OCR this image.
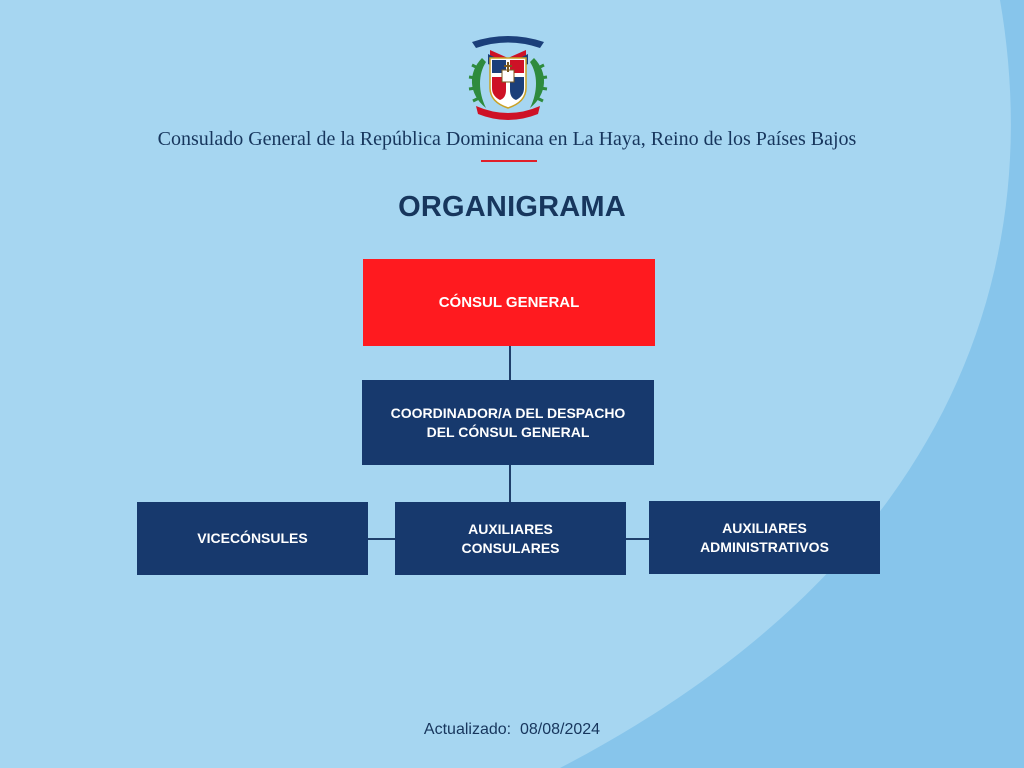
Consulado General de la República Dominicana en La Haya, Reino de los Países Bajos
ORGANIGRAMA
CÓNSUL GENERAL
COORDINADOR/A DEL DESPACHO
DEL CÓNSUL GENERAL
VICECÓNSULES
AUXILIARES
CONSULARES
AUXILIARES
ADMINISTRATIVOS
Actualizado:  08/08/2024
